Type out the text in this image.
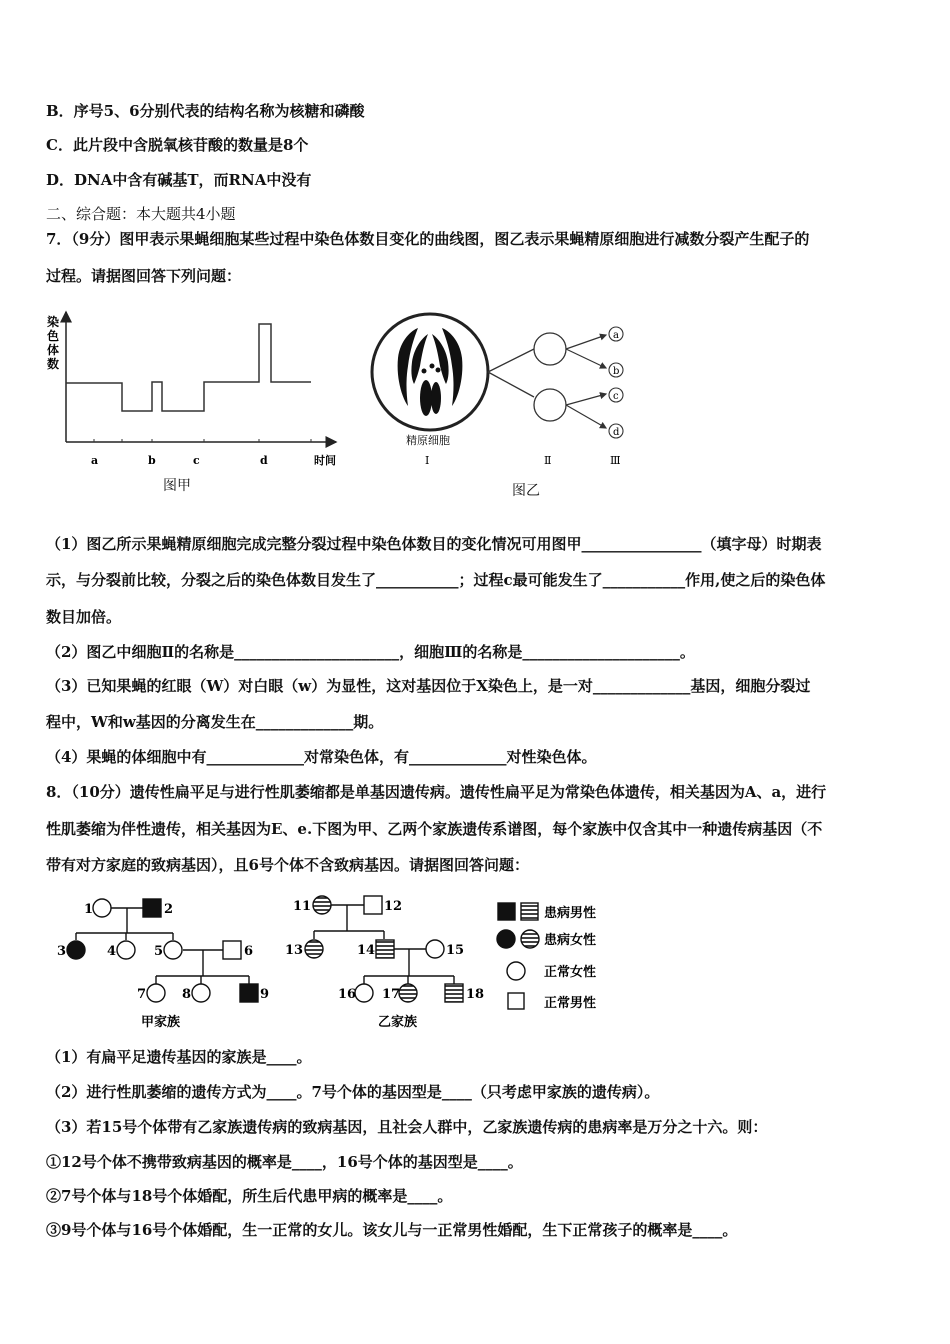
B．序号5、6分别代表的结构名称为核糖和磷酸
C．此片段中含脱氧核苷酸的数量是8个
D．DNA中含有碱基T，而RNA中没有
二、综合题：本大题共4小题
7．（9分）图甲表示果蝇细胞某些过程中染色体数目变化的曲线图，图乙表示果蝇精原细胞进行减数分裂产生配子的
过程。请据图回答下列问题：
染
色
体
数
a	b	c	d	时间
图甲
a
b
c
d
精原细胞
Ⅰ	Ⅱ	Ⅲ
图乙
（1）图乙所示果蝇精原细胞完成完整分裂过程中染色体数目的变化情况可用图甲________________（填字母）时期表
示，与分裂前比较，分裂之后的染色体数目发生了___________；过程c最可能发生了___________作用,使之后的染色体
数目加倍。
（2）图乙中细胞Ⅱ的名称是______________________，细胞Ⅲ的名称是_____________________。
（3）已知果蝇的红眼（W）对白眼（w）为显性，这对基因位于X染色上，是一对_____________基因，细胞分裂过
程中，W和w基因的分离发生在_____________期。
（4）果蝇的体细胞中有_____________对常染色体，有_____________对性染色体。
8．（10分）遗传性扁平足与进行性肌萎缩都是单基因遗传病。遗传性扁平足为常染色体遗传，相关基因为A、a，进行
性肌萎缩为伴性遗传，相关基因为E、e.下图为甲、乙两个家族遗传系谱图，每个家族中仅含其中一种遗传病基因（不
带有对方家庭的致病基因），且6号个体不含致病基因。请据图回答问题：
1	2
3	4	5	6
7	8	9
11	12
13	14	15
16 17	18
甲家族	乙家族
患病男性
患病女性
正常女性
正常男性
（1）有扁平足遗传基因的家族是____。
（2）进行性肌萎缩的遗传方式为____。7号个体的基因型是____（只考虑甲家族的遗传病）。
（3）若15号个体带有乙家族遗传病的致病基因，且社会人群中，乙家族遗传病的患病率是万分之十六。则：
①12号个体不携带致病基因的概率是____，16号个体的基因型是____。
②7号个体与18号个体婚配，所生后代患甲病的概率是____。
③9号个体与16号个体婚配，生一正常的女儿。该女儿与一正常男性婚配，生下正常孩子的概率是____。
